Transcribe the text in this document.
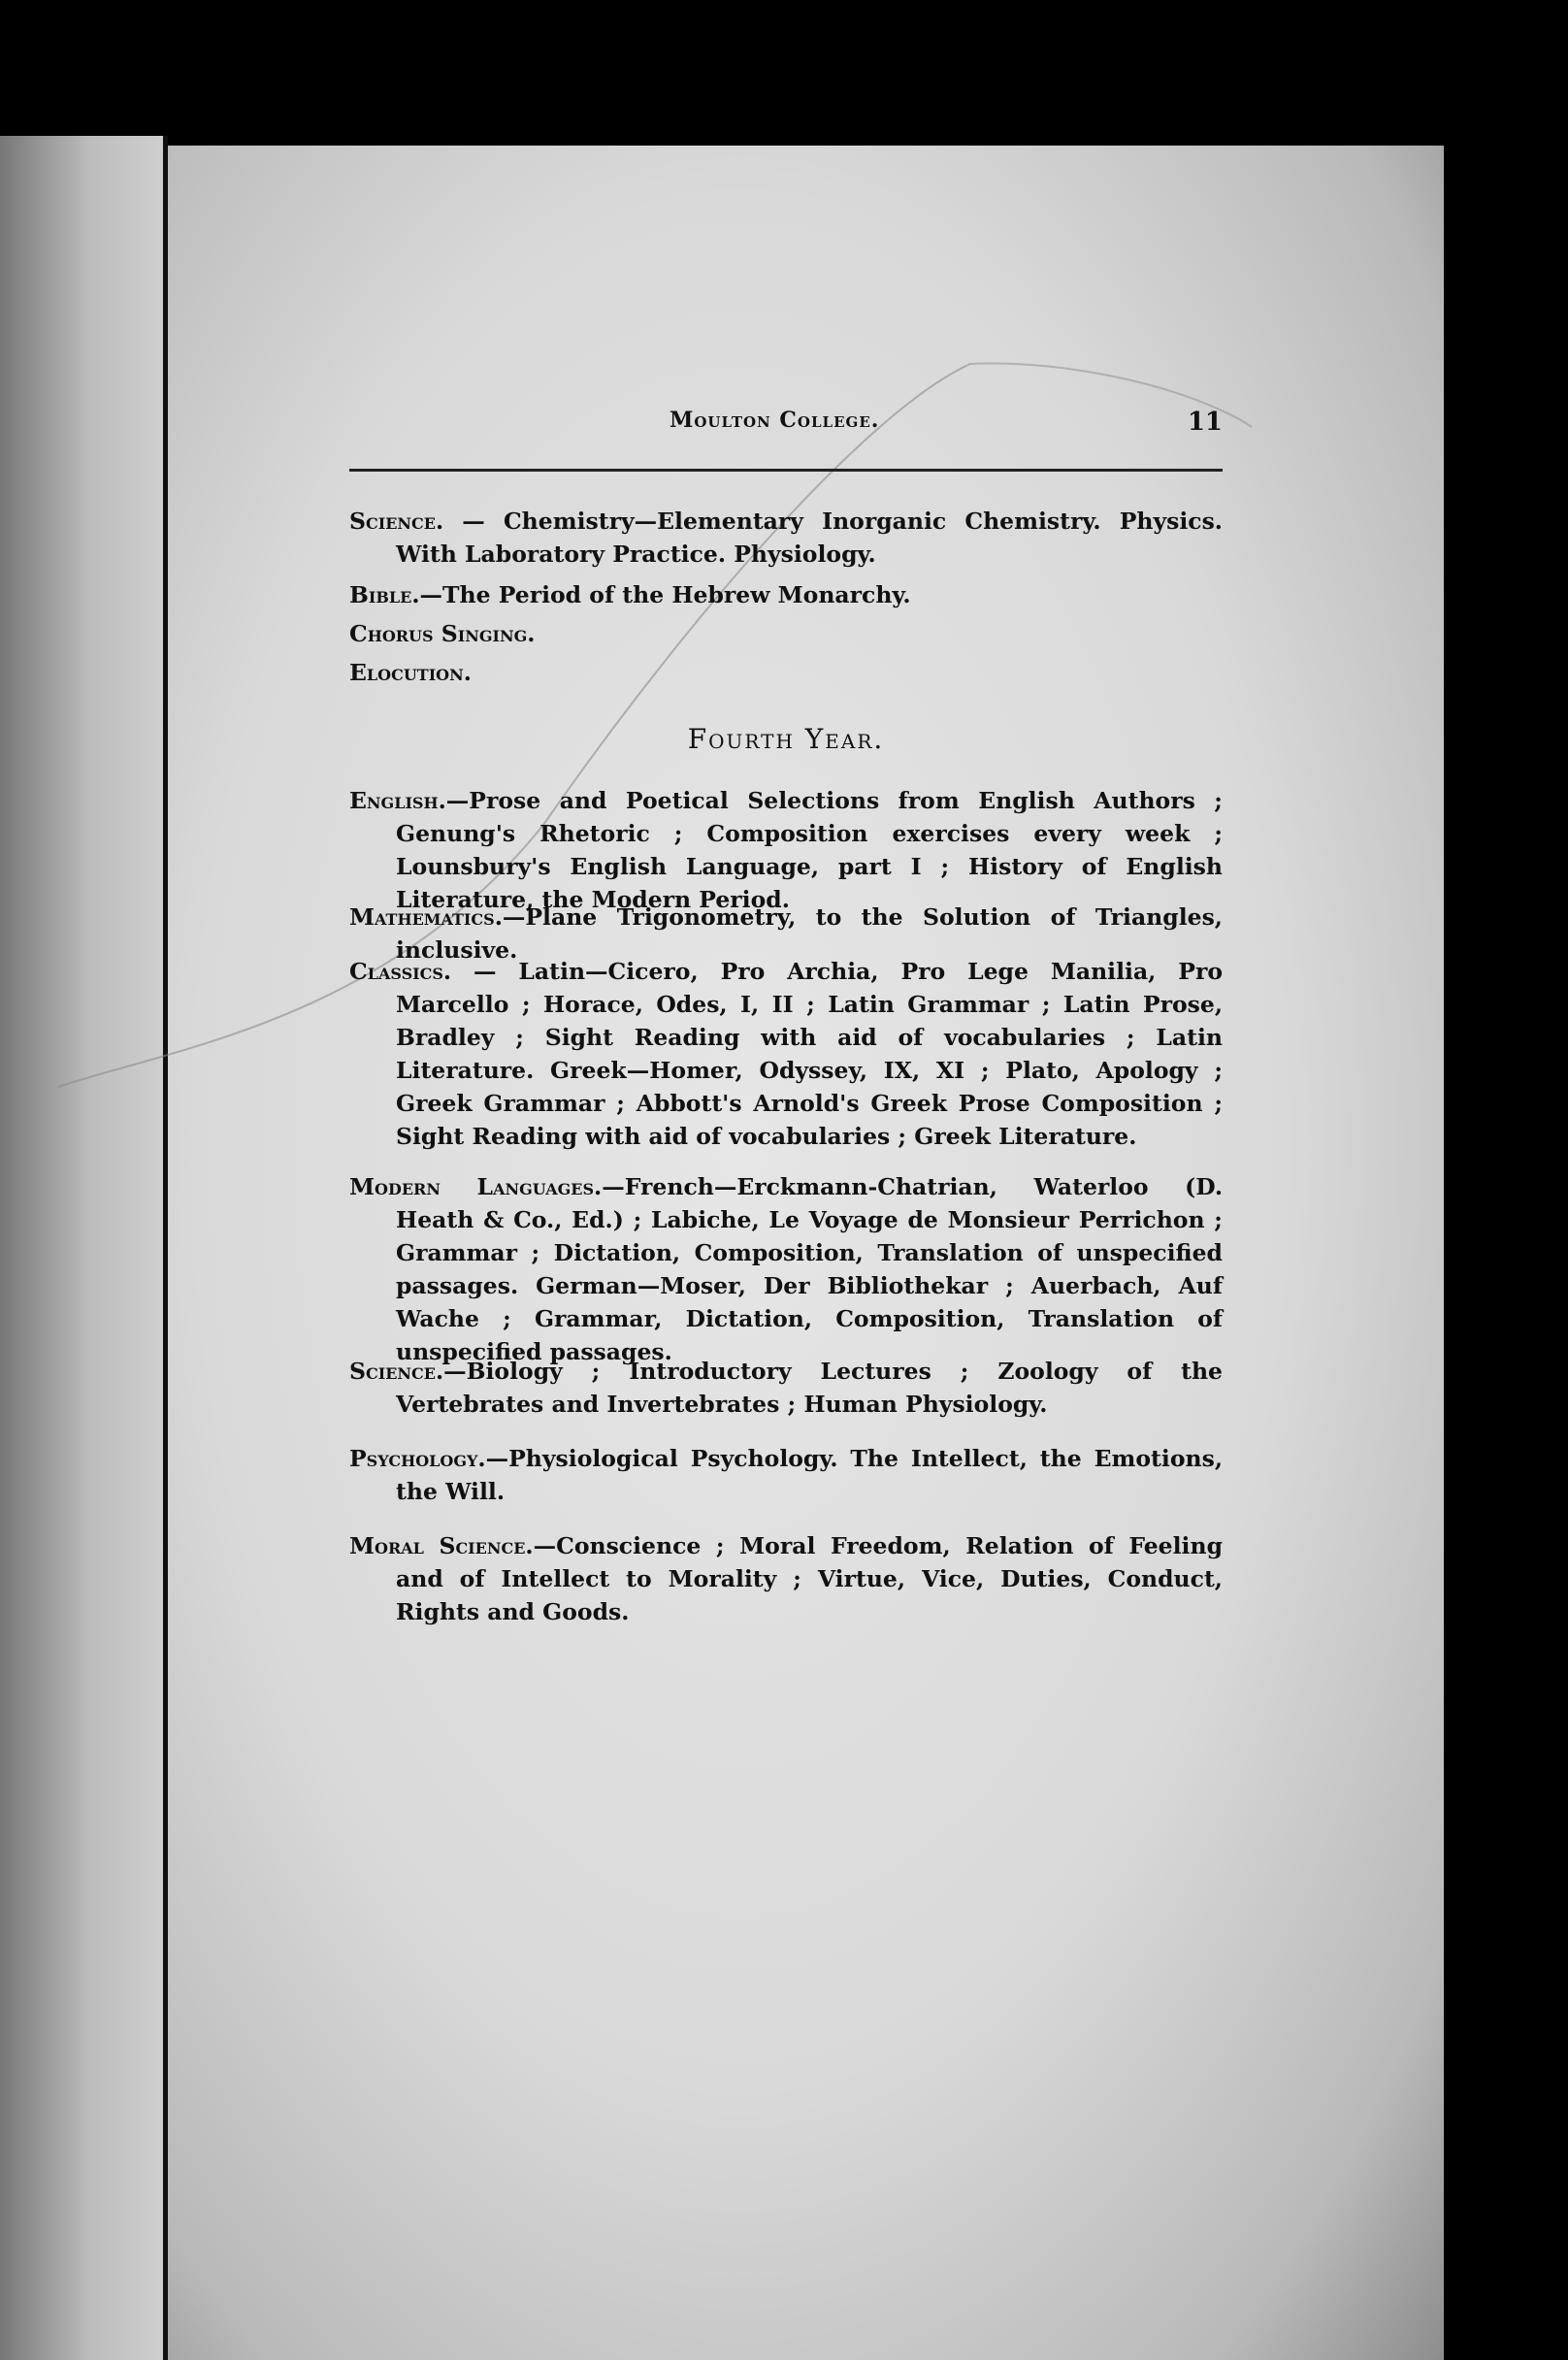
Moulton College.	11
Science. — Chemistry—Elementary Inorganic Chemistry. Physics. With Laboratory Practice. Physiology.
Bible.—The Period of the Hebrew Monarchy.
Chorus Singing.
Elocution.
Fourth Year.
English.—Prose and Poetical Selections from English Authors ; Genung's Rhetoric ; Composition exercises every week ; Lounsbury's English Language, part I ; History of English Literature, the Modern Period.
Mathematics.—Plane Trigonometry, to the Solution of Triangles, inclusive.
Classics. — Latin—Cicero, Pro Archia, Pro Lege Manilia, Pro Marcello ; Horace, Odes, I, II ; Latin Grammar ; Latin Prose, Bradley ; Sight Reading with aid of vocabularies ; Latin Literature. Greek—Homer, Odyssey, IX, XI ; Plato, Apology ; Greek Grammar ; Abbott's Arnold's Greek Prose Composition ; Sight Reading with aid of vocabularies ; Greek Literature.
Modern Languages.—French—Erckmann-Chatrian, Waterloo (D. Heath & Co., Ed.) ; Labiche, Le Voyage de Monsieur Perrichon ; Grammar ; Dictation, Composition, Translation of unspecified passages. German—Moser, Der Bibliothekar ; Auerbach, Auf Wache ; Grammar, Dictation, Composition, Translation of unspecified passages.
Science.—Biology ; Introductory Lectures ; Zoology of the Vertebrates and Invertebrates ; Human Physiology.
Psychology.—Physiological Psychology. The Intellect, the Emotions, the Will.
Moral Science.—Conscience ; Moral Freedom, Relation of Feeling and of Intellect to Morality ; Virtue, Vice, Duties, Conduct, Rights and Goods.
